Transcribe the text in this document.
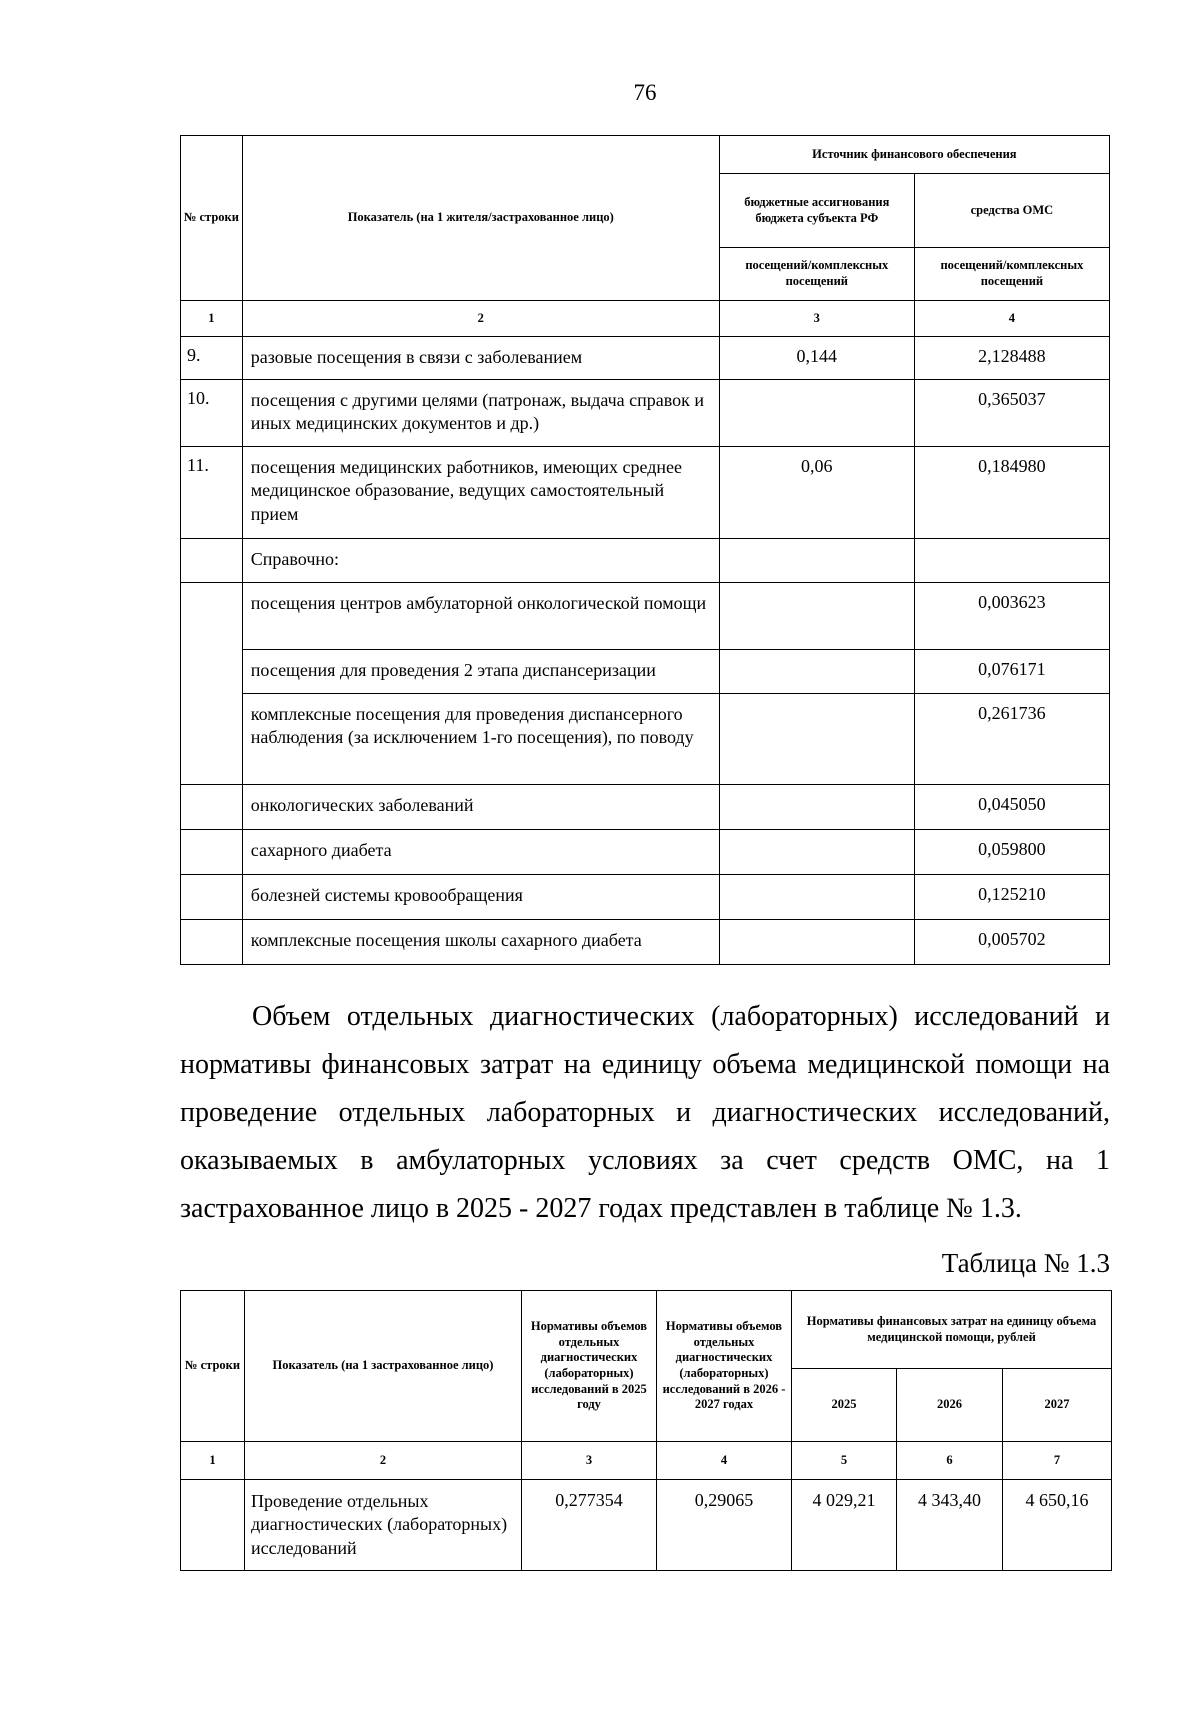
76
№ строки	Показатель (на 1 жителя/застрахованное лицо)	Источник финансового обеспечения	
		бюджетные ассигнования бюджета субъекта РФ	средства ОМС
		посещений/комплексных посещений	посещений/комплексных посещений
1	2	3	4
9.	разовые посещения в связи с заболеванием	0,144	2,128488
10.	посещения с другими целями (патронаж, выдача справок и иных медицинских документов и др.)		0,365037
11.	посещения медицинских работников, имеющих среднее медицинское образование, ведущих самостоятельный прием	0,06	0,184980
	Справочно:		
	посещения центров амбулаторной онкологической помощи		0,003623
	посещения для проведения 2 этапа диспансеризации		0,076171
	комплексные посещения для проведения диспансерного наблюдения (за исключением 1-го посещения), по поводу		0,261736
	онкологических заболеваний		0,045050
	сахарного диабета		0,059800
	болезней системы кровообращения		0,125210
	комплексные посещения школы сахарного диабета		0,005702

Объем отдельных диагностических (лабораторных) исследований и нормативы финансовых затрат на единицу объема медицинской помощи на проведение отдельных лабораторных и диагностических исследований, оказываемых в амбулаторных условиях за счет средств ОМС, на 1 застрахованное лицо в 2025 - 2027 годах представлен в таблице № 1.3.

Таблица № 1.3
№ строки	Показатель (на 1 застрахованное лицо)	Нормативы объемов отдельных диагностических (лабораторных) исследований в 2025 году	Нормативы объемов отдельных диагностических (лабораторных) исследований в 2026 - 2027 годах	Нормативы финансовых затрат на единицу объема медицинской помощи, рублей		
				2025	2026	2027
1	2	3	4	5	6	7
	Проведение отдельных диагностических (лабораторных) исследований	0,277354	0,29065	4 029,21	4 343,40	4 650,16
